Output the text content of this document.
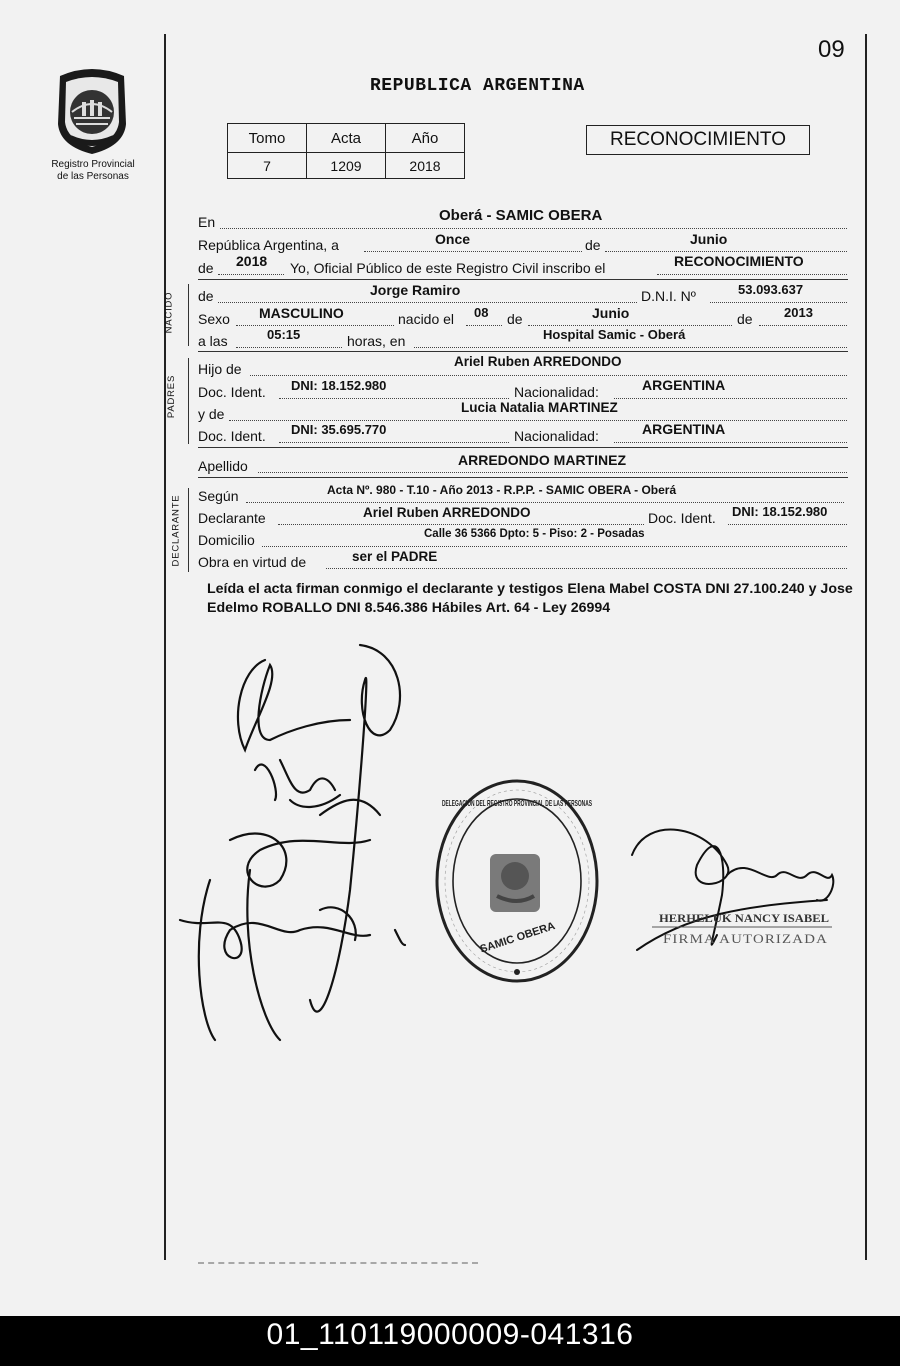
09
Registro Provincial
de las Personas
REPUBLICA ARGENTINA
Tomo	Acta	Año
7	1209	2018
RECONOCIMIENTO
En	Oberá - SAMIC OBERA
República Argentina, a	Once	de	Junio
de 2018 Yo, Oficial Público de este Registro Civil inscribo el	RECONOCIMIENTO
NACIDO de	Jorge Ramiro	D.N.I. Nº	53.093.637
Sexo MASCULINO	nacido el 08 de	Junio	de 2013
a las	05:15	horas, en	Hospital Samic - Oberá
PADRES
Hijo de	Ariel Ruben ARREDONDO
Doc. Ident. DNI: 18.152.980	Nacionalidad:	ARGENTINA
y de	Lucia Natalia MARTINEZ
Doc. Ident. DNI: 35.695.770	Nacionalidad:	ARGENTINA
Apellido	ARREDONDO MARTINEZ
DECLARANTE Según	Acta Nº. 980 - T.10 - Año 2013 - R.P.P. - SAMIC OBERA - Oberá
Declarante	Ariel Ruben ARREDONDO	Doc. Ident. DNI: 18.152.980
Domicilio	Calle 36 5366 Dpto: 5 - Piso: 2 - Posadas
Obra en virtud de	ser el PADRE
Leída el acta firman conmigo el declarante y testigos Elena Mabel COSTA DNI 27.100.240 y Jose Edelmo ROBALLO DNI 8.546.386 Hábiles Art. 64 - Ley 26994
SAMIC OBERA
DELEGACIÓN DEL REGISTRO PROVINCIAL DE LAS PERSONAS
HERHELUK NANCY ISABEL
FIRMA AUTORIZADA
01_110119000009-041316
